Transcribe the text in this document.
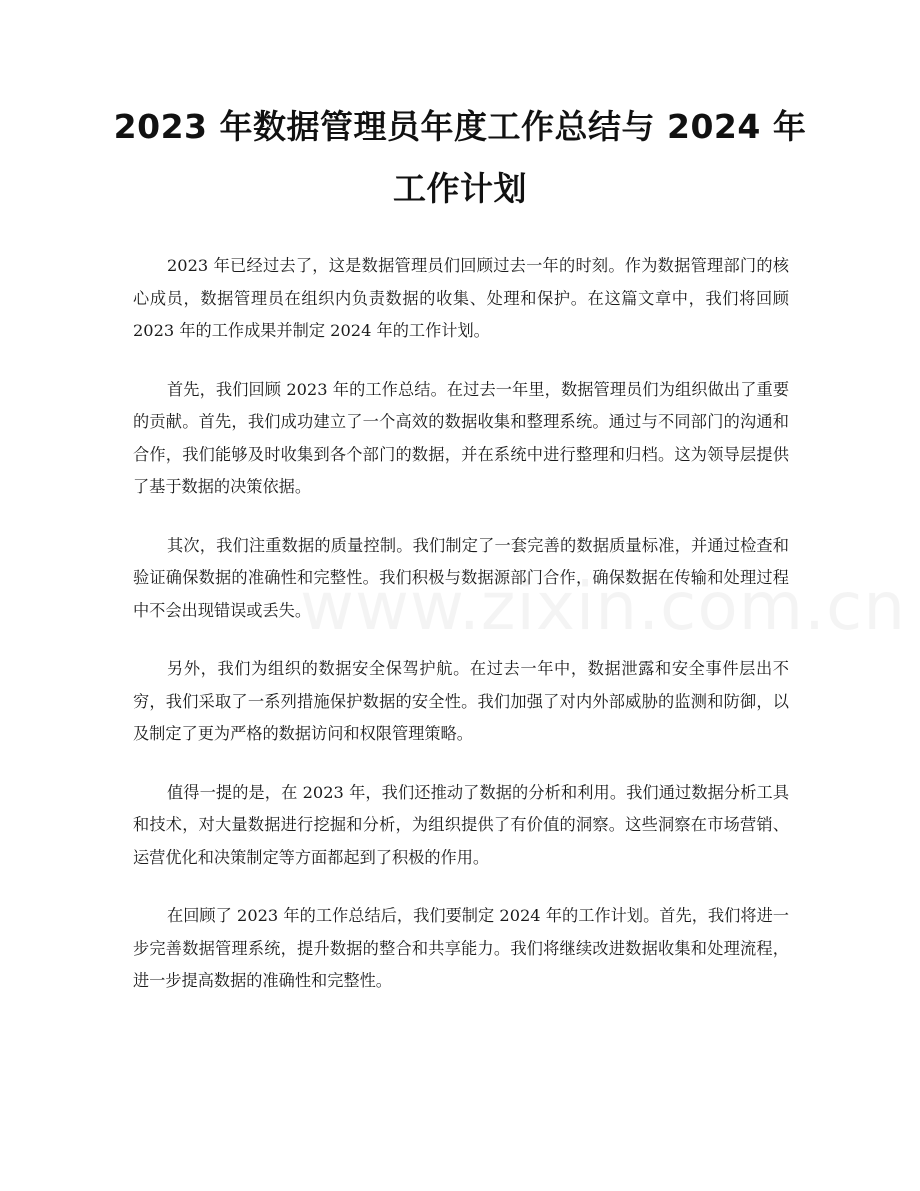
2023 年数据管理员年度工作总结与 2024 年
工作计划

2023 年已经过去了，这是数据管理员们回顾过去一年的时刻。作为数据管理部门的核心成员，数据管理员在组织内负责数据的收集、处理和保护。在这篇文章中，我们将回顾 2023 年的工作成果并制定 2024 年的工作计划。

首先，我们回顾 2023 年的工作总结。在过去一年里，数据管理员们为组织做出了重要的贡献。首先，我们成功建立了一个高效的数据收集和整理系统。通过与不同部门的沟通和合作，我们能够及时收集到各个部门的数据，并在系统中进行整理和归档。这为领导层提供了基于数据的决策依据。

其次，我们注重数据的质量控制。我们制定了一套完善的数据质量标准，并通过检查和验证确保数据的准确性和完整性。我们积极与数据源部门合作，确保数据在传输和处理过程中不会出现错误或丢失。

另外，我们为组织的数据安全保驾护航。在过去一年中，数据泄露和安全事件层出不穷，我们采取了一系列措施保护数据的安全性。我们加强了对内外部威胁的监测和防御，以及制定了更为严格的数据访问和权限管理策略。

值得一提的是，在 2023 年，我们还推动了数据的分析和利用。我们通过数据分析工具和技术，对大量数据进行挖掘和分析，为组织提供了有价值的洞察。这些洞察在市场营销、运营优化和决策制定等方面都起到了积极的作用。

在回顾了 2023 年的工作总结后，我们要制定 2024 年的工作计划。首先，我们将进一步完善数据管理系统，提升数据的整合和共享能力。我们将继续改进数据收集和处理流程，进一步提高数据的准确性和完整性。
